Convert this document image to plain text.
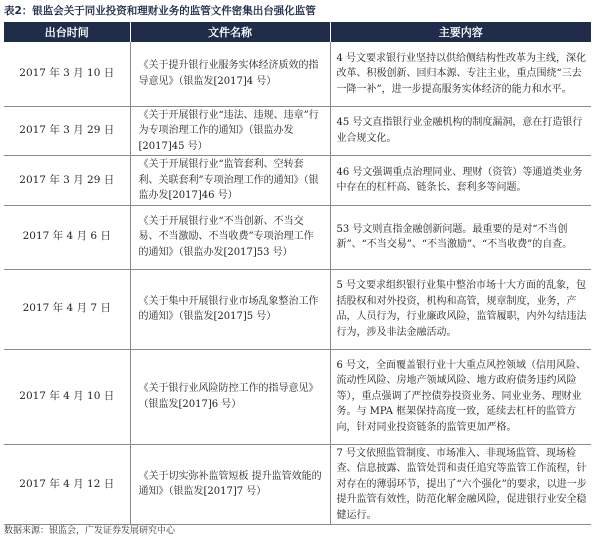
表2：银监会关于同业投资和理财业务的监管文件密集出台强化监管
出台时间	文件名称	主要内容
2017 年 3 月 10 日	《关于提升银行业服务实体经济质效的指导意见》（银监发[2017]4 号）	4 号文要求银行业坚持以供给侧结构性改革为主线，深化改革、积极创新、回归本源、专注主业，重点围绕“三去一降一补”，进一步提高服务实体经济的能力和水平。
2017 年 3 月 29 日	《关于开展银行业“违法、违规、违章”行为专项治理工作的通知》（银监办发[2017]45 号）	45 号文直指银行业金融机构的制度漏洞，意在打造银行业合规文化。
2017 年 3 月 29 日	《关于开展银行业“监管套利、空转套利、关联套利”专项治理工作的通知》（银监办发[2017]46 号）	46 号文强调重点治理同业、理财（资管）等通道类业务中存在的杠杆高、链条长、套利多等问题。
2017 年 4 月 6 日	《关于开展银行业“不当创新、不当交易、不当激励、不当收费”专项治理工作的通知》（银监办发[2017]53 号）	53 号文则直指金融创新问题。最重要的是对“不当创新”、“不当交易”、“不当激励”、“不当收费”的自查。
2017 年 4 月 7 日	《关于集中开展银行业市场乱象整治工作的通知》（银监发[2017]5 号）	5 号文要求组织银行业集中整治市场十大方面的乱象，包括股权和对外投资，机构和高管，规章制度，业务，产品，人员行为，行业廉政风险，监管履职，内外勾结违法行为，涉及非法金融活动。
2017 年 4 月 10 日	《关于银行业风险防控工作的指导意见》（银监发[2017]6 号）	6 号文，全面覆盖银行业十大重点风控领域（信用风险、流动性风险、房地产领域风险、地方政府债务违约风险等），重点强调了严控债券投资业务、同业业务、理财业务。与 MPA 框架保持高度一致，延续去杠杆的监管方向，针对同业投资链条的监管更加严格。
2017 年 4 月 12 日	《关于切实弥补监管短板 提升监管效能的通知》（银监发[2017]7 号）	7 号文依照监管制度、市场准入、非现场监管、现场检查、信息披露、监管处罚和责任追究等监管工作流程，针对存在的薄弱环节，提出了“六个强化”的要求，以进一步提升监管有效性，防范化解金融风险，促进银行业安全稳健运行。
数据来源：银监会，广发证券发展研究中心
